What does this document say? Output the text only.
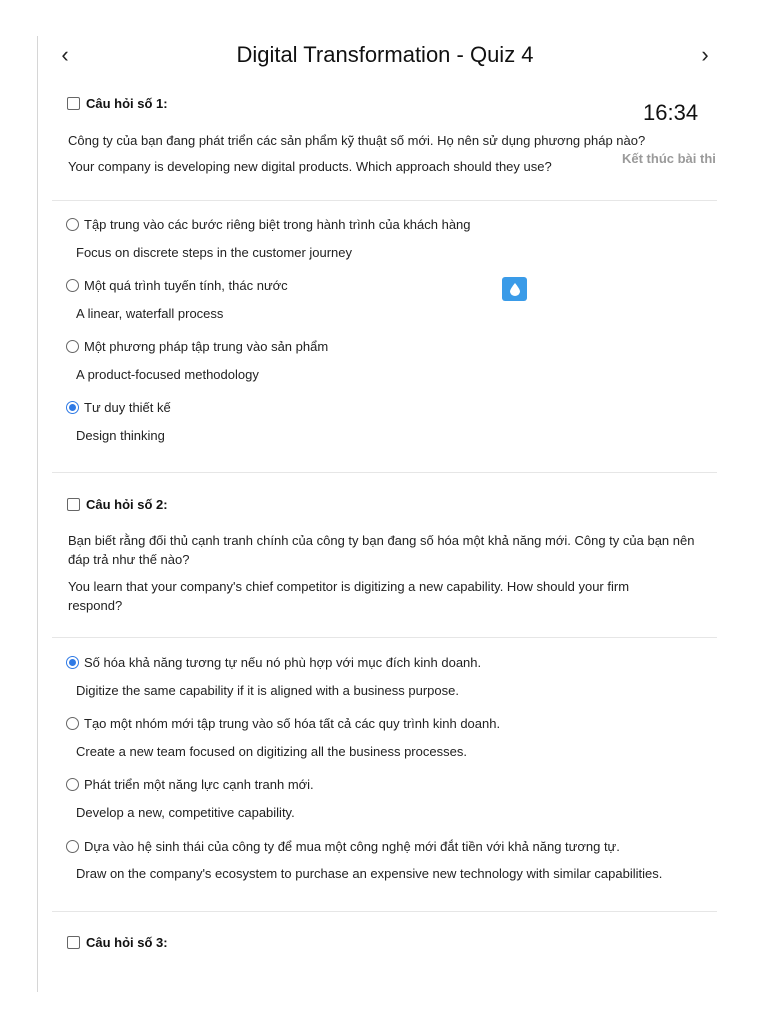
‹	Digital Transformation - Quiz 4	›
16:34
Kết thúc bài thi
Câu hỏi số 1:
Công ty của bạn đang phát triển các sản phẩm kỹ thuật số mới. Họ nên sử dụng phương pháp nào?
Your company is developing new digital products. Which approach should they use?
Tập trung vào các bước riêng biệt trong hành trình của khách hàng
Focus on discrete steps in the customer journey
Một quá trình tuyến tính, thác nước
A linear, waterfall process
Một phương pháp tập trung vào sản phẩm
A product-focused methodology
Tư duy thiết kế
Design thinking
Câu hỏi số 2:
Bạn biết rằng đối thủ cạnh tranh chính của công ty bạn đang số hóa một khả năng mới. Công ty của bạn nên đáp trả như thế nào?
You learn that your company's chief competitor is digitizing a new capability. How should your firm respond?
Số hóa khả năng tương tự nếu nó phù hợp với mục đích kinh doanh.
Digitize the same capability if it is aligned with a business purpose.
Tạo một nhóm mới tập trung vào số hóa tất cả các quy trình kinh doanh.
Create a new team focused on digitizing all the business processes.
Phát triển một năng lực cạnh tranh mới.
Develop a new, competitive capability.
Dựa vào hệ sinh thái của công ty để mua một công nghệ mới đắt tiền với khả năng tương tự.
Draw on the company's ecosystem to purchase an expensive new technology with similar capabilities.
Câu hỏi số 3:
